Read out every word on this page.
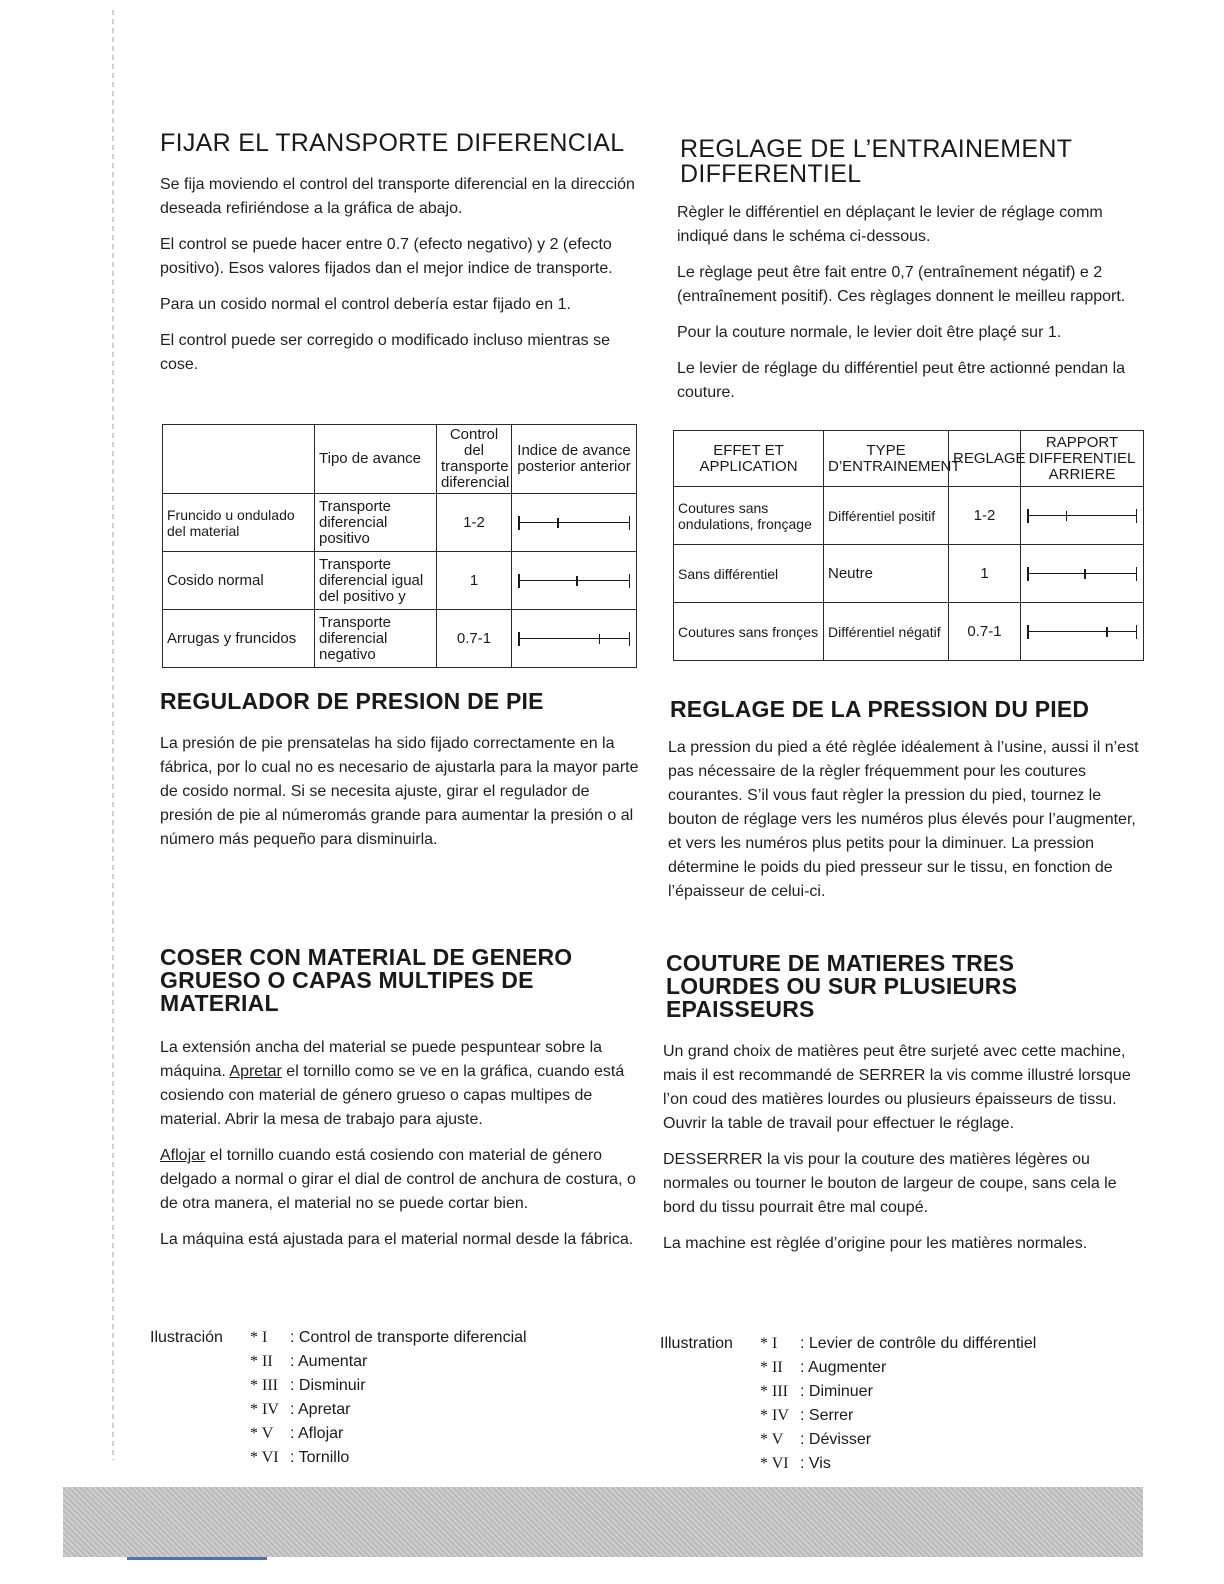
FIJAR EL TRANSPORTE DIFERENCIAL

Se fija moviendo el control del transporte diferencial en la dirección deseada refiriéndose a la gráfica de abajo.

El control se puede hacer entre 0.7 (efecto negativo) y 2 (efecto positivo). Esos valores fijados dan el mejor indice de transporte.

Para un cosido normal el control debería estar fijado en 1.

El control puede ser corregido o modificado incluso mientras se cose.

	Tipo de avance	Control del transporte diferencial	Indice de avance posterior anterior
Fruncido u ondulado del material	Transporte diferencial positivo	1-2	

Cosido normal	Transporte diferencial igual del positivo y	1	

Arrugas y fruncidos	Transporte diferencial negativo	0.7-1	
REGULADOR DE PRESION DE PIE

La presión de pie prensatelas ha sido fijado correctamente en la fábrica, por lo cual no es necesario de ajustarla para la mayor parte de cosido normal. Si se necesita ajuste, girar el regulador de presión de pie al númeromás grande para aumentar la presión o al número más pequeño para disminuirla.

COSER CON MATERIAL DE GENERO
GRUESO O CAPAS MULTIPES DE
MATERIAL

La extensión ancha del material se puede pespuntear sobre la máquina. Apretar el tornillo como se ve en la gráfica, cuando está cosiendo con material de género grueso o capas multipes de material. Abrir la mesa de trabajo para ajuste.

Aflojar el tornillo cuando está cosiendo con material de género delgado a normal o girar el dial de control de anchura de costura, o de otra manera, el material no se puede cortar bien.

La máquina está ajustada para el material normal desde la fábrica.

Ilustración * I : Control de transporte diferencial
* II : Aumentar
* III : Disminuir
* IV : Apretar
* V : Aflojar
* VI : Tornillo
REGLAGE DE L’ENTRAINEMENT
DIFFERENTIEL

Règler le différentiel en déplaçant le levier de réglage comm indiqué dans le schéma ci-dessous.

Le règlage peut être fait entre 0,7 (entraînement négatif) e 2 (entraînement positif). Ces règlages donnent le meilleu rapport.

Pour la couture normale, le levier doit être plaçé sur 1.

Le levier de réglage du différentiel peut être actionné pendan la couture.

EFFET ET APPLICATION	TYPE D’ENTRAINEMENT	REGLAGE	RAPPORT DIFFERENTIEL ARRIERE
Coutures sans ondulations, fronçage	Différentiel positif	1-2	

Sans différentiel	Neutre	1	

Coutures sans fronçes	Différentiel négatif	0.7-1	
REGLAGE DE LA PRESSION DU PIED

La pression du pied a été règlée idéalement à l’usine, aussi il n’est pas nécessaire de la règler fréquemment pour les coutures courantes. S’il vous faut règler la pression du pied, tournez le bouton de réglage vers les numéros plus élevés pour l’augmenter, et vers les numéros plus petits pour la diminuer. La pression détermine le poids du pied presseur sur le tissu, en fonction de l’épaisseur de celui-ci.

COUTURE DE MATIERES TRES
LOURDES OU SUR PLUSIEURS
EPAISSEURS

Un grand choix de matières peut être surjeté avec cette machine, mais il est recommandé de SERRER la vis comme illustré lorsque l’on coud des matières lourdes ou plusieurs épaisseurs de tissu. Ouvrir la table de travail pour effectuer le réglage.

DESSERRER la vis pour la couture des matières légères ou normales ou tourner le bouton de largeur de coupe, sans cela le bord du tissu pourrait être mal coupé.

La machine est règlée d’origine pour les matières normales.

Illustration * I : Levier de contrôle du différentiel
* II : Augmenter
* III : Diminuer
* IV : Serrer
* V : Dévisser
* VI : Vis
